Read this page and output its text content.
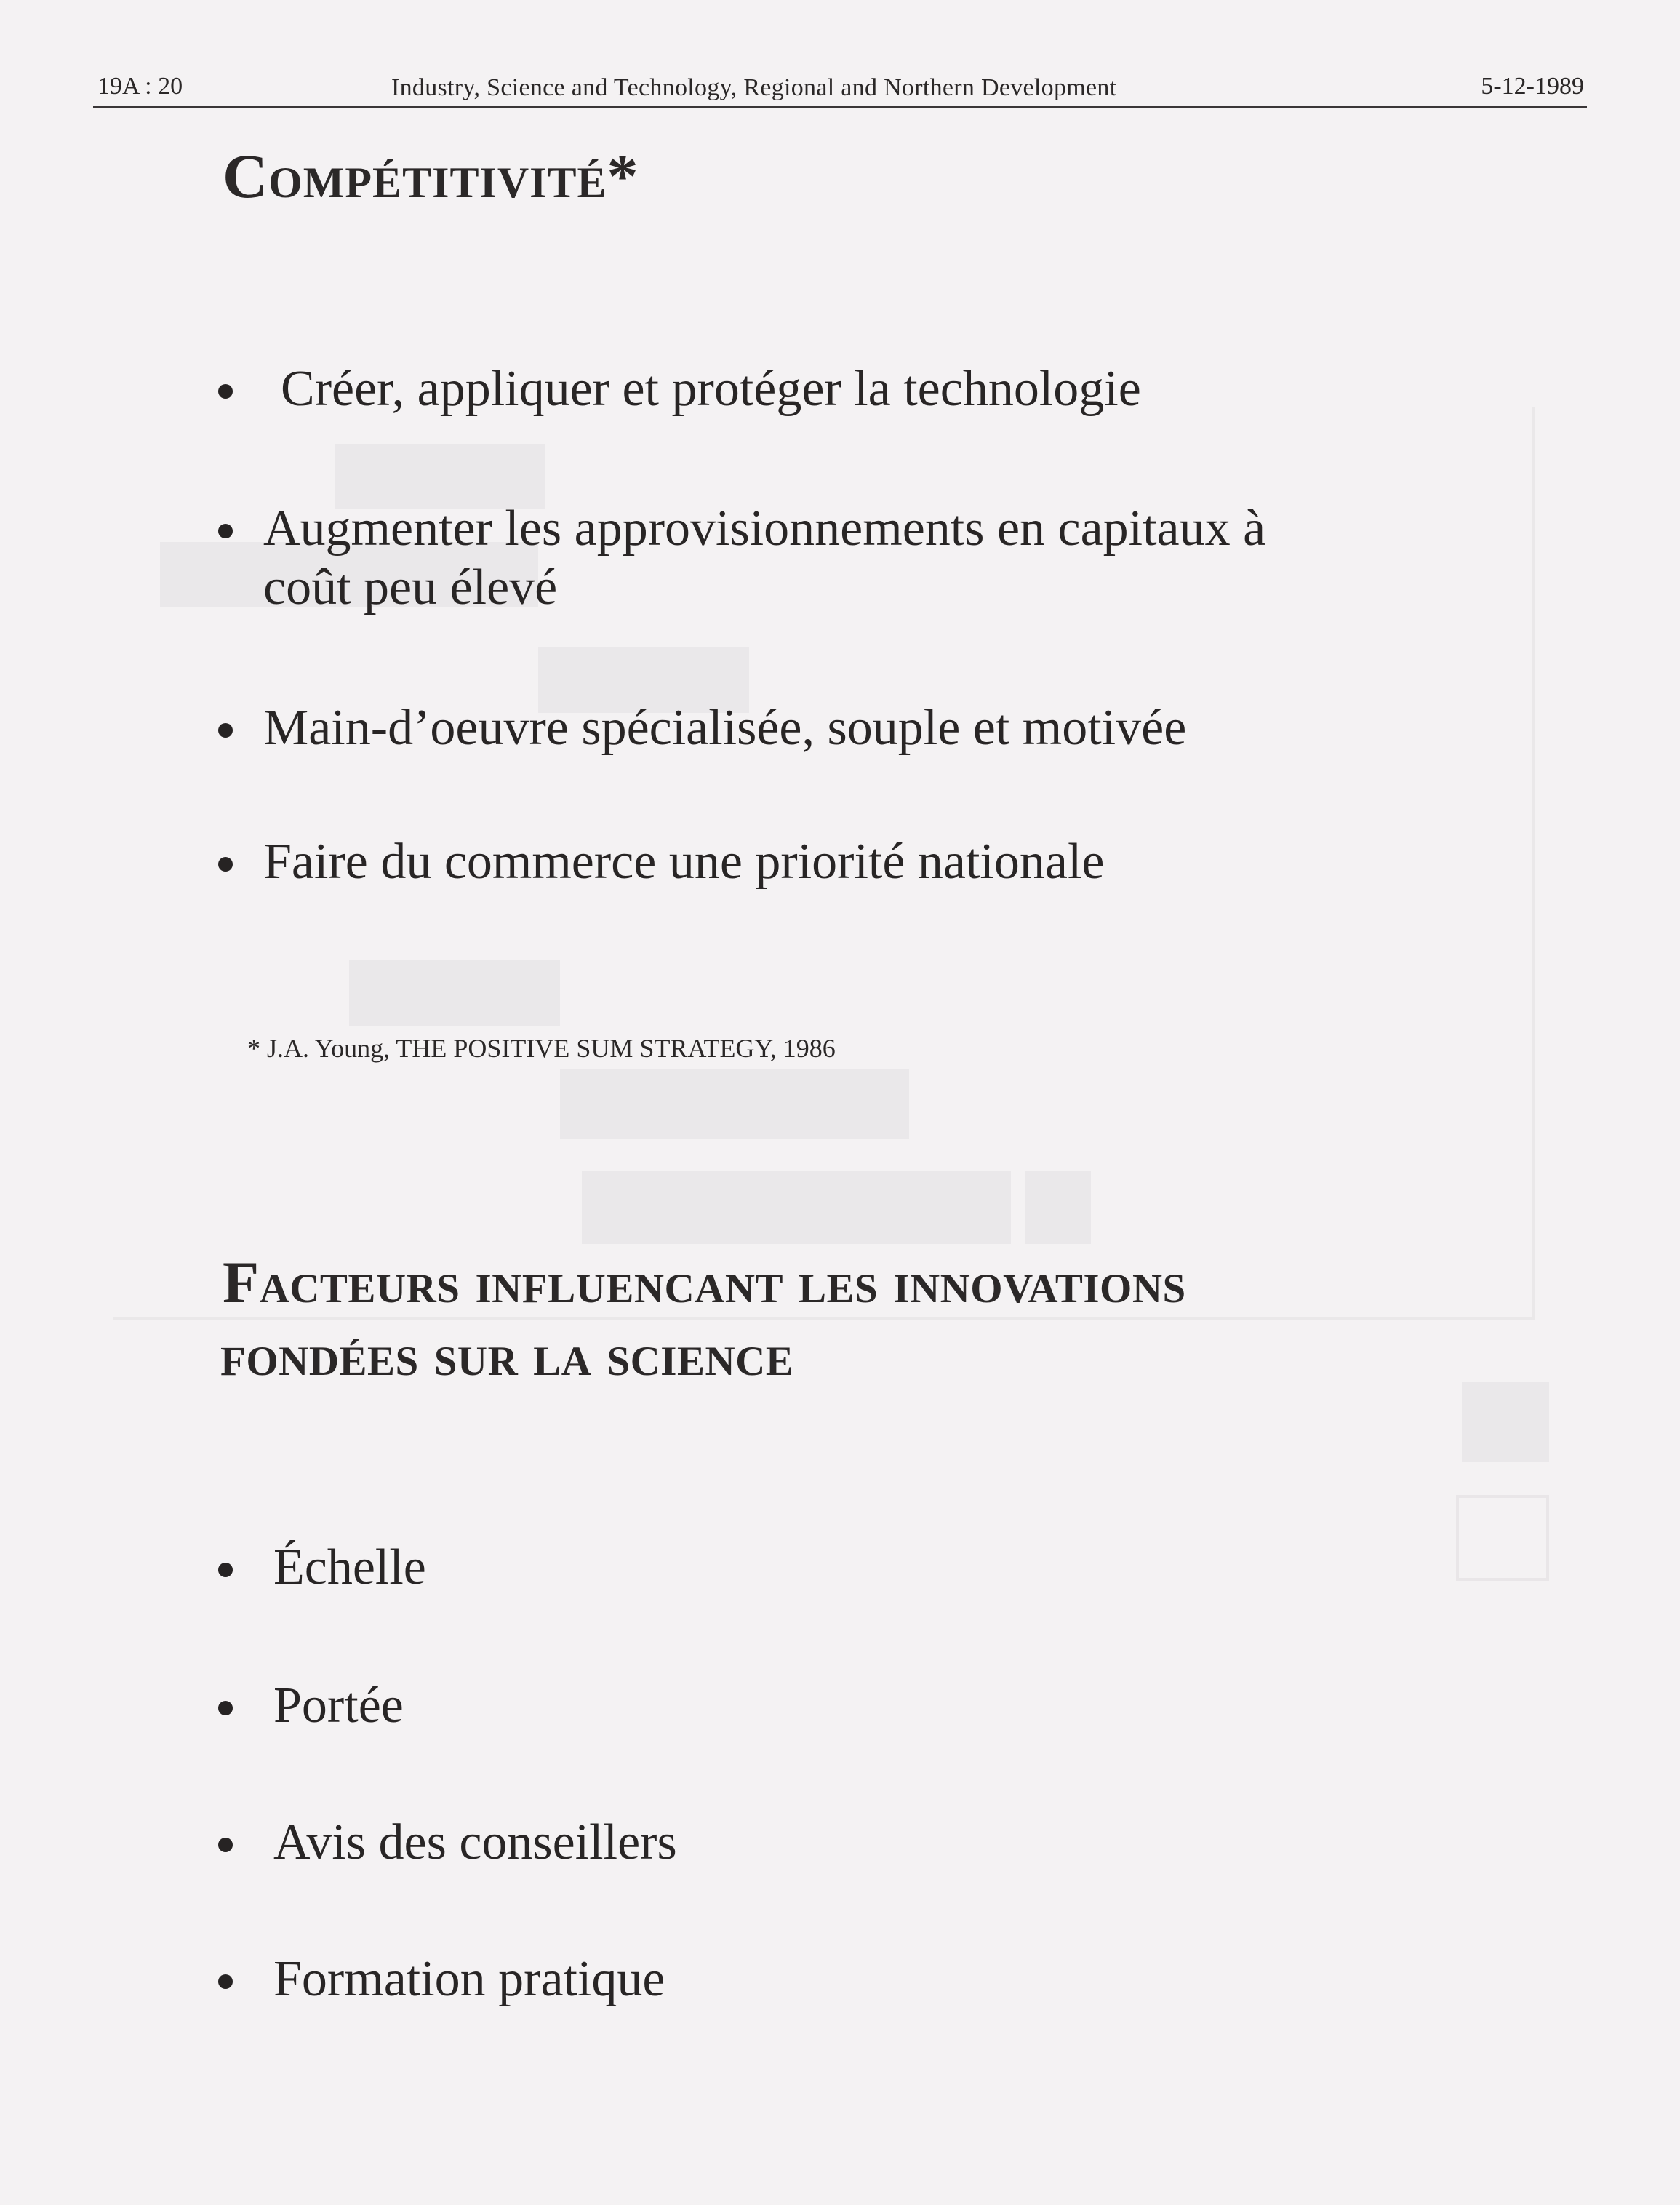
19A : 20	Industry, Science and Technology, Regional and Northern Development	5-12-1989
Compétitivité*
Créer, appliquer et protéger la technologie
Augmenter les approvisionnements en capitaux à
coût peu élevé
Main-d’oeuvre spécialisée, souple et motivée
Faire du commerce une priorité nationale
* J.A. Young, THE POSITIVE SUM STRATEGY, 1986
Facteurs influencant les innovations
fondées sur la science
Échelle
Portée
Avis des conseillers
Formation pratique
